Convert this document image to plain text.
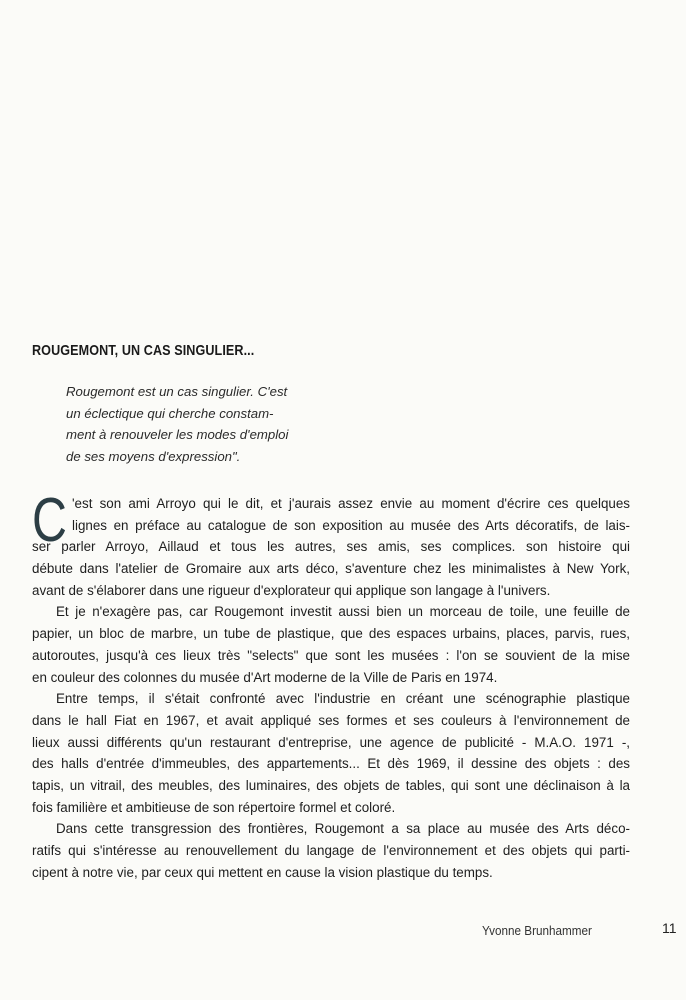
ROUGEMONT, UN CAS SINGULIER...
Rougemont est un cas singulier. C'est
un éclectique qui cherche constam-
ment à renouveler les modes d'emploi
de ses moyens d'expression".
C 'est son ami Arroyo qui le dit, et j'aurais assez envie au moment d'écrire ces quelques
lignes en préface au catalogue de son exposition au musée des Arts décoratifs, de lais-
ser parler Arroyo, Aillaud et tous les autres, ses amis, ses complices. son histoire qui
débute dans l'atelier de Gromaire aux arts déco, s'aventure chez les minimalistes à New York,
avant de s'élaborer dans une rigueur d'explorateur qui applique son langage à l'univers.
Et je n'exagère pas, car Rougemont investit aussi bien un morceau de toile, une feuille de
papier, un bloc de marbre, un tube de plastique, que des espaces urbains, places, parvis, rues,
autoroutes, jusqu'à ces lieux très "selects" que sont les musées : l'on se souvient de la mise
en couleur des colonnes du musée d'Art moderne de la Ville de Paris en 1974.
Entre temps, il s'était confronté avec l'industrie en créant une scénographie plastique
dans le hall Fiat en 1967, et avait appliqué ses formes et ses couleurs à l'environnement de
lieux aussi différents qu'un restaurant d'entreprise, une agence de publicité - M.A.O. 1971 -,
des halls d'entrée d'immeubles, des appartements... Et dès 1969, il dessine des objets : des
tapis, un vitrail, des meubles, des luminaires, des objets de tables, qui sont une déclinaison à la
fois familière et ambitieuse de son répertoire formel et coloré.
Dans cette transgression des frontières, Rougemont a sa place au musée des Arts déco-
ratifs qui s'intéresse au renouvellement du langage de l'environnement et des objets qui parti-
cipent à notre vie, par ceux qui mettent en cause la vision plastique du temps.
Yvonne Brunhammer	11
